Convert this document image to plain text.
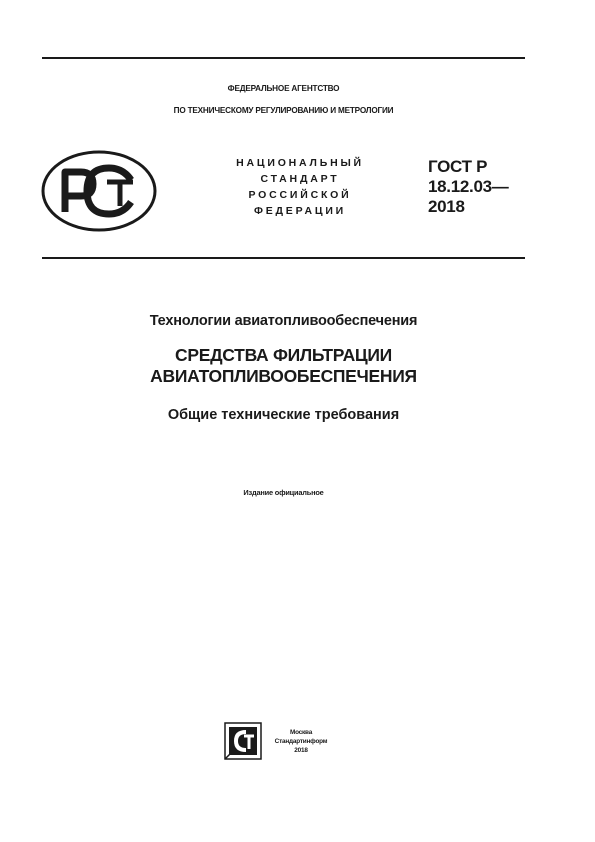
ФЕДЕРАЛЬНОЕ АГЕНТСТВО
ПО ТЕХНИЧЕСКОМУ РЕГУЛИРОВАНИЮ И МЕТРОЛОГИИ
НАЦИОНАЛЬНЫЙ
СТАНДАРТ
РОССИЙСКОЙ
ФЕДЕРАЦИИ
ГОСТ Р
18.12.03—
2018
Технологии авиатопливообеспечения
СРЕДСТВА ФИЛЬТРАЦИИ
АВИАТОПЛИВООБЕСПЕЧЕНИЯ
Общие технические требования
Издание официальное
Москва
Стандартинформ
2018
